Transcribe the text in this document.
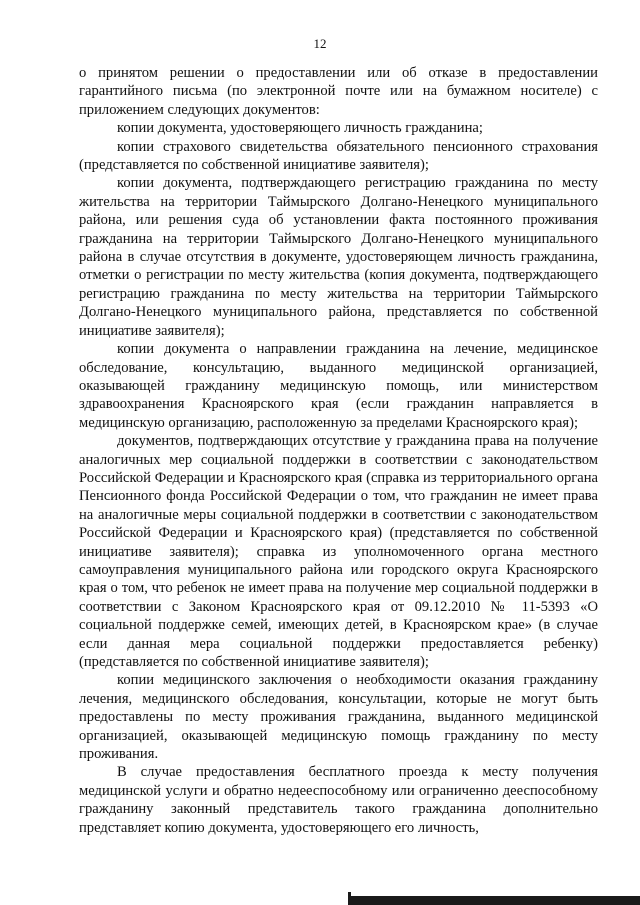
12

о принятом решении о предоставлении или об отказе в предоставлении гарантийного письма (по электронной почте или на бумажном носителе) с приложением следующих документов:

копии документа, удостоверяющего личность гражданина;

копии страхового свидетельства обязательного пенсионного страхования (представляется по собственной инициативе заявителя);

копии документа, подтверждающего регистрацию гражданина по месту жительства на территории Таймырского Долгано-Ненецкого муниципального района, или решения суда об установлении факта постоянного проживания гражданина на территории Таймырского Долгано-Ненецкого муниципального района в случае отсутствия в документе, удостоверяющем личность гражданина, отметки о регистрации по месту жительства (копия документа, подтверждающего регистрацию гражданина по месту жительства на территории Таймырского Долгано-Ненецкого муниципального района, представляется по собственной инициативе заявителя);

копии документа о направлении гражданина на лечение, медицинское обследование, консультацию, выданного медицинской организацией, оказывающей гражданину медицинскую помощь, или министерством здравоохранения Красноярского края (если гражданин направляется в медицинскую организацию, расположенную за пределами Красноярского края);

документов, подтверждающих отсутствие у гражданина права на получение аналогичных мер социальной поддержки в соответствии с законодательством Российской Федерации и Красноярского края (справка из территориального органа Пенсионного фонда Российской Федерации о том, что гражданин не имеет права на аналогичные меры социальной поддержки в соответствии с законодательством Российской Федерации и Красноярского края) (представляется по собственной инициативе заявителя); справка из уполномоченного органа местного самоуправления муниципального района или городского округа Красноярского края о том, что ребенок не имеет права на получение мер социальной поддержки в соответствии с Законом Красноярского края от 09.12.2010 № 11-5393 «О социальной поддержке семей, имеющих детей, в Красноярском крае» (в случае если данная мера социальной поддержки предоставляется ребенку) (представляется по собственной инициативе заявителя);

копии медицинского заключения о необходимости оказания гражданину лечения, медицинского обследования, консультации, которые не могут быть предоставлены по месту проживания гражданина, выданного медицинской организацией, оказывающей медицинскую помощь гражданину по месту проживания.

В случае предоставления бесплатного проезда к месту получения медицинской услуги и обратно недееспособному или ограниченно дееспособному гражданину законный представитель такого гражданина дополнительно представляет копию документа, удостоверяющего его личность,
